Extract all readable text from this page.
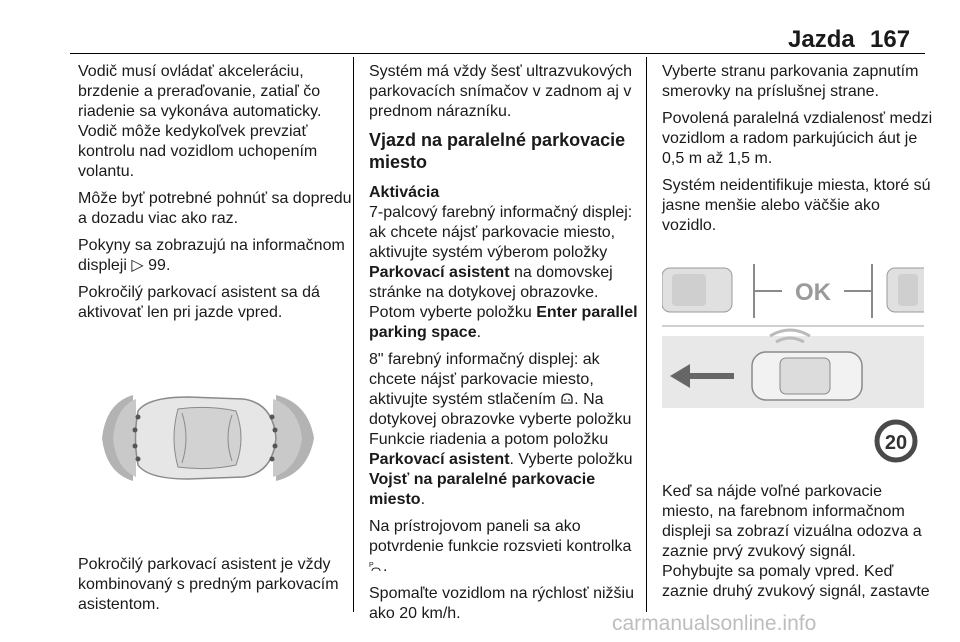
Jazda 167

Vodič musí ovládať akceleráciu, brzdenie a preraďovanie, zatiaľ čo riadenie sa vykonáva automaticky. Vodič môže kedykoľvek prevziať kontrolu nad vozidlom uchopením volantu.

Môže byť potrebné pohnúť sa dopredu a dozadu viac ako raz.

Pokyny sa zobrazujú na informačnom displeji ▷ 99.

Pokročilý parkovací asistent sa dá aktivovať len pri jazde vpred.

Pokročilý parkovací asistent je vždy kombinovaný s predným parkovacím asistentom.

Systém má vždy šesť ultrazvukových parkovacích snímačov v zadnom aj v prednom nárazníku.

Vjazd na paralelné parkovacie miesto
Aktivácia

7-palcový farebný informačný displej: ak chcete nájsť parkovacie miesto, aktivujte systém výberom položky Parkovací asistent na domovskej stránke na dotykovej obrazovke. Potom vyberte položku Enter parallel parking space.

8" farebný informačný displej: ak chcete nájsť parkovacie miesto, aktivujte systém stlačením . Na dotykovej obrazovke vyberte položku Funkcie riadenia a potom položku Parkovací asistent. Vyberte položku Vojsť na paralelné parkovacie miesto.

Na prístrojovom paneli sa ako potvrdenie funkcie rozsvieti kontrolka
P .

Spomaľte vozidlom na rýchlosť nižšiu ako 20 km/h.

Vyberte stranu parkovania zapnutím smerovky na príslušnej strane.

Povolená paralelná vzdialenosť medzi vozidlom a radom parkujúcich áut je 0,5 m až 1,5 m.

Systém neidentifikuje miesta, ktoré sú jasne menšie alebo väčšie ako vozidlo.

OK
20

Keď sa nájde voľné parkovacie miesto, na farebnom informačnom displeji sa zobrazí vizuálna odozva a zaznie prvý zvukový signál.

Pohybujte sa pomaly vpred. Keď zaznie druhý zvukový signál, zastavte

carmanualsonline.info
